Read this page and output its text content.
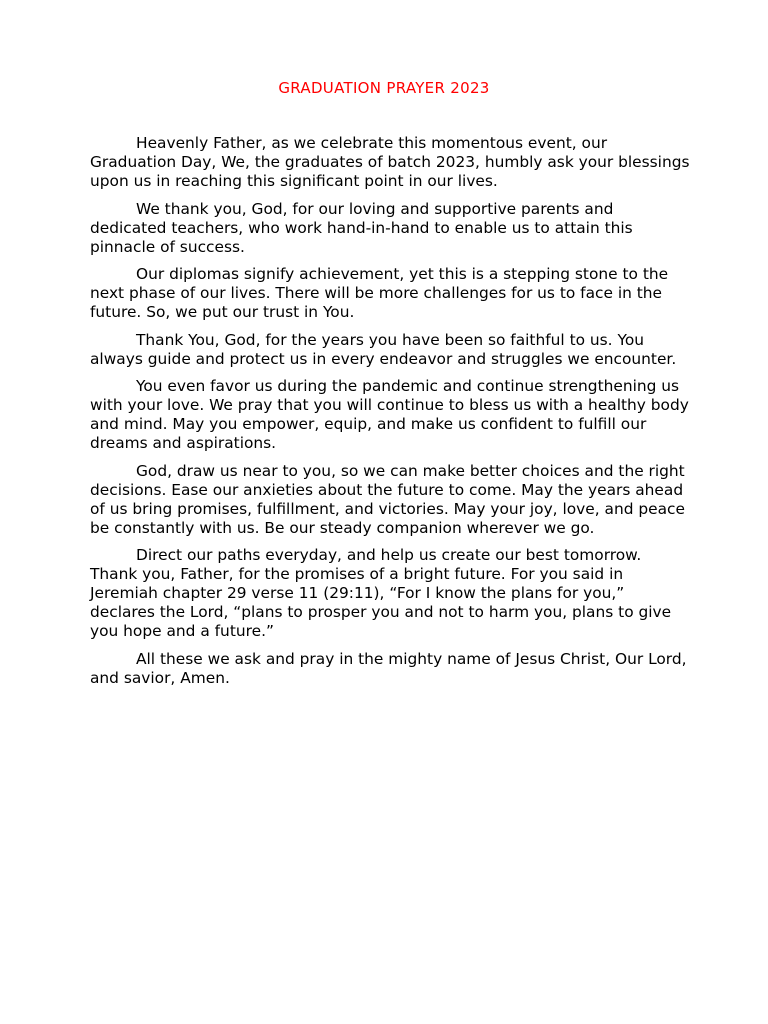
GRADUATION PRAYER 2023

Heavenly Father, as we celebrate this momentous event, our Graduation Day, We, the graduates of batch 2023, humbly ask your blessings upon us in reaching this significant point in our lives.

We thank you, God, for our loving and supportive parents and dedicated teachers, who work hand-in-hand to enable us to attain this pinnacle of success.

Our diplomas signify achievement, yet this is a stepping stone to the next phase of our lives. There will be more challenges for us to face in the future. So, we put our trust in You.

Thank You, God, for the years you have been so faithful to us. You always guide and protect us in every endeavor and struggles we encounter.

You even favor us during the pandemic and continue strengthening us with your love. We pray that you will continue to bless us with a healthy body and mind. May you empower, equip, and make us confident to fulfill our dreams and aspirations.

God, draw us near to you, so we can make better choices and the right decisions. Ease our anxieties about the future to come. May the years ahead of us bring promises, fulfillment, and victories. May your joy, love, and peace be constantly with us. Be our steady companion wherever we go.

Direct our paths everyday, and help us create our best tomorrow. Thank you, Father, for the promises of a bright future. For you said in Jeremiah chapter 29 verse 11 (29:11), “For I know the plans for you,” declares the Lord, “plans to prosper you and not to harm you, plans to give you hope and a future.”

All these we ask and pray in the mighty name of Jesus Christ, Our Lord, and savior, Amen.
